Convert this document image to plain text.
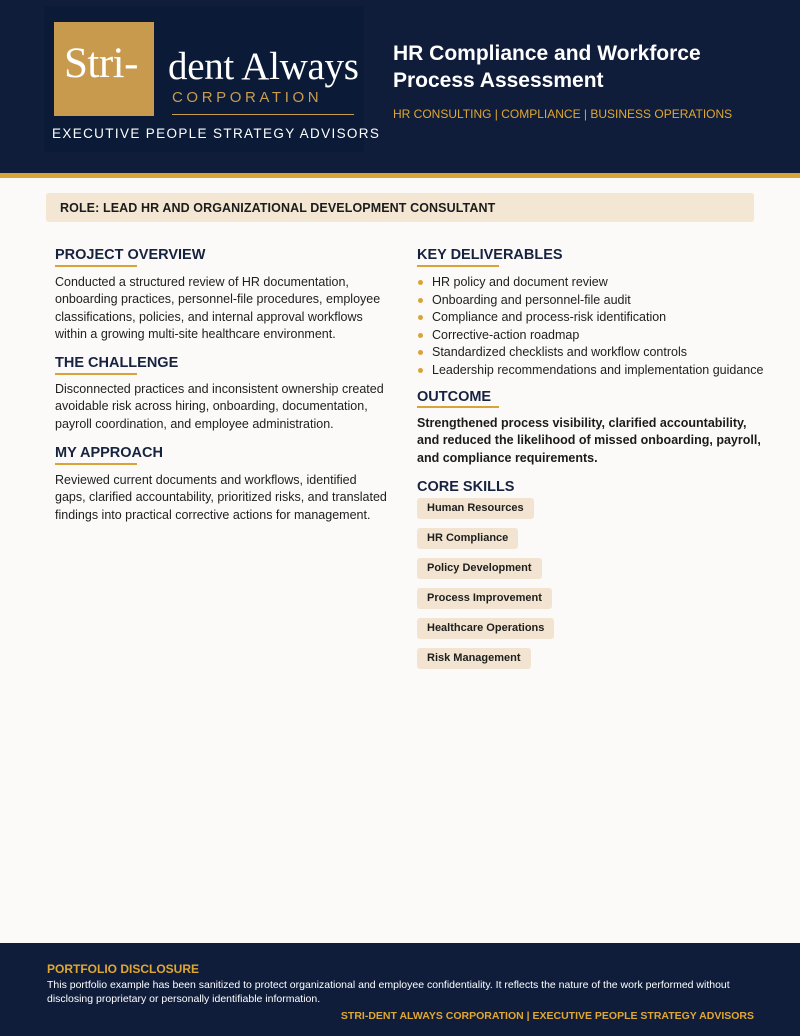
Stri- dent Always
CORPORATION
EXECUTIVE PEOPLE STRATEGY ADVISORS
HR Compliance and Workforce Process Assessment
HR CONSULTING | COMPLIANCE | BUSINESS OPERATIONS
ROLE: LEAD HR AND ORGANIZATIONAL DEVELOPMENT CONSULTANT
PROJECT OVERVIEW

Conducted a structured review of HR documentation, onboarding practices, personnel-file procedures, employee classifications, policies, and internal approval workflows within a growing multi-site healthcare environment.

THE CHALLENGE

Disconnected practices and inconsistent ownership created avoidable risk across hiring, onboarding, documentation, payroll coordination, and employee administration.

MY APPROACH

Reviewed current documents and workflows, identified gaps, clarified accountability, prioritized risks, and translated findings into practical corrective actions for management.

KEY DELIVERABLES
HR policy and document review
Onboarding and personnel-file audit
Compliance and process-risk identification
Corrective-action roadmap
Standardized checklists and workflow controls
Leadership recommendations and implementation guidance
OUTCOME

Strengthened process visibility, clarified accountability, and reduced the likelihood of missed onboarding, payroll, and compliance requirements.

CORE SKILLS
Human Resources
HR Compliance
Policy Development
Process Improvement
Healthcare Operations
Risk Management
PORTFOLIO DISCLOSURE

This portfolio example has been sanitized to protect organizational and employee confidentiality. It reflects the nature of the work performed without disclosing proprietary or personally identifiable information.

STRI-DENT ALWAYS CORPORATION | EXECUTIVE PEOPLE STRATEGY ADVISORS
